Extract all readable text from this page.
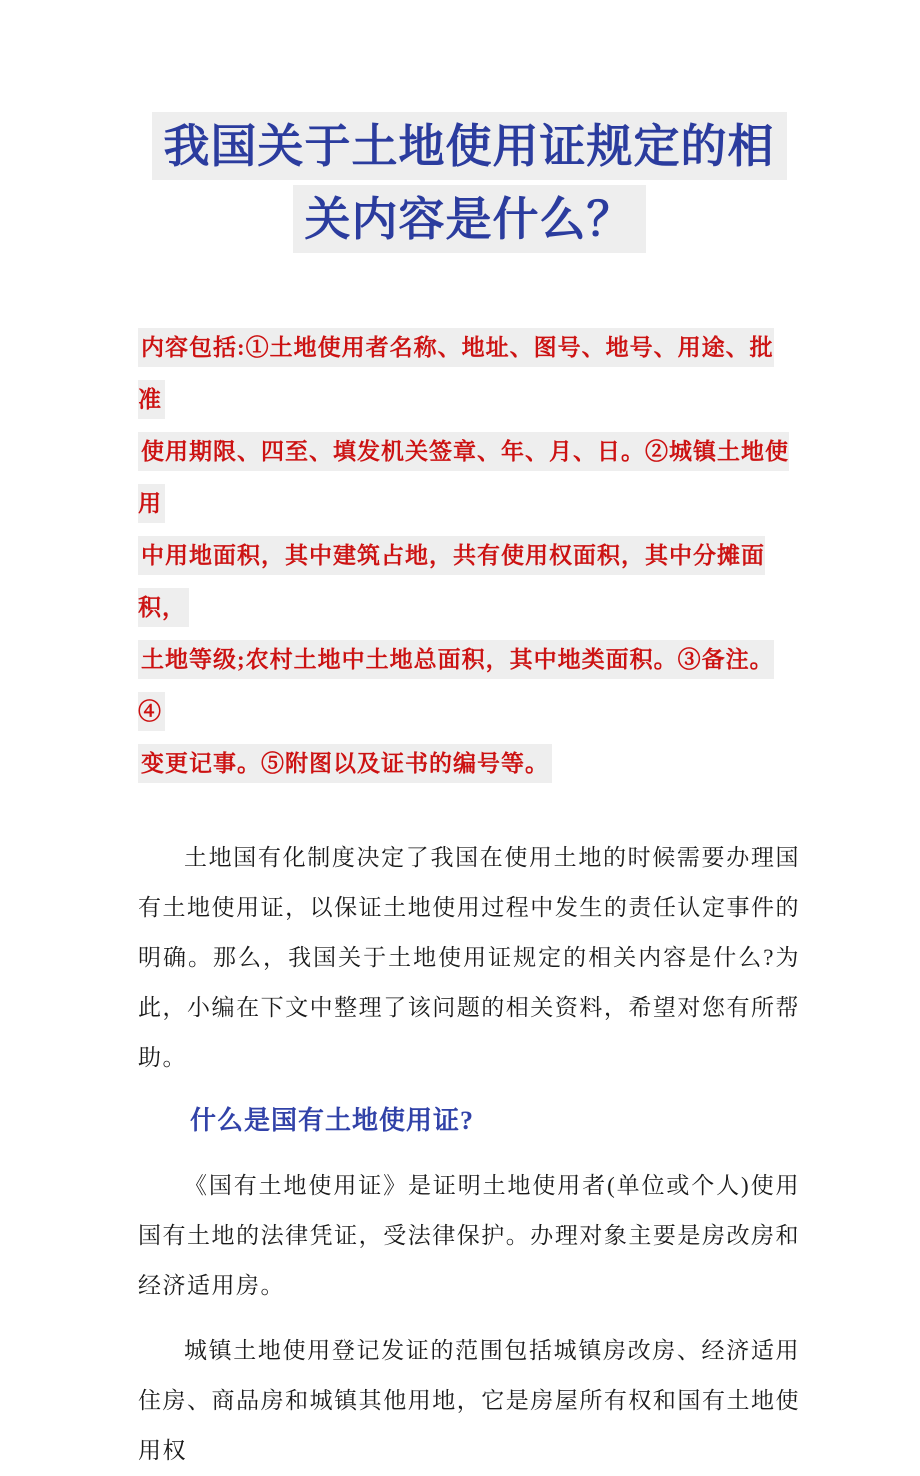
我国关于土地使用证规定的相
关内容是什么？
内容包括:①土地使用者名称、地址、图号、地号、用途、批准
使用期限、四至、填发机关签章、年、月、日。②城镇土地使用
中用地面积，其中建筑占地，共有使用权面积，其中分摊面积，
土地等级;农村土地中土地总面积，其中地类面积。③备注。④
变更记事。⑤附图以及证书的编号等。

土地国有化制度决定了我国在使用土地的时候需要办理国有土地使用证，以保证土地使用过程中发生的责任认定事件的明确。那么，我国关于土地使用证规定的相关内容是什么?为此，小编在下文中整理了该问题的相关资料，希望对您有所帮助。

什么是国有土地使用证?

《国有土地使用证》是证明土地使用者(单位或个人)使用国有土地的法律凭证，受法律保护。办理对象主要是房改房和经济适用房。

城镇土地使用登记发证的范围包括城镇房改房、经济适用住房、商品房和城镇其他用地，它是房屋所有权和国有土地使用权
